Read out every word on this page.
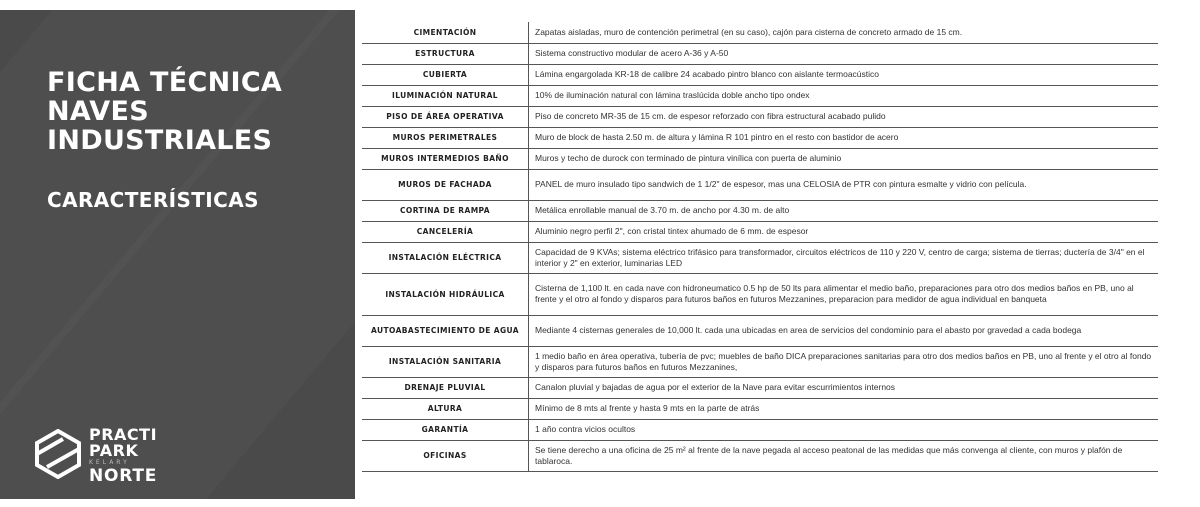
FICHA TÉCNICA
NAVES
INDUSTRIALES
CARACTERÍSTICAS
PRACTI
PARK
KELARY
NORTE
CIMENTACIÓN	Zapatas aisladas, muro de contención perimetral (en su caso), cajón para cisterna de concreto armado de 15 cm.
ESTRUCTURA	Sistema constructivo modular de acero A-36 y A-50
CUBIERTA	Lámina engargolada KR-18 de calibre 24 acabado pintro blanco con aislante termoacústico
ILUMINACIÓN NATURAL	10% de iluminación natural con lámina traslúcida doble ancho tipo ondex
PISO DE ÁREA OPERATIVA	Piso de concreto MR-35 de 15 cm. de espesor reforzado con fibra estructural acabado pulido
MUROS PERIMETRALES	Muro de block de hasta 2.50 m. de altura y lámina R 101 pintro en el resto con bastidor de acero
MUROS INTERMEDIOS BAÑO	Muros y techo de durock con terminado de pintura vinílica con puerta de aluminio
MUROS DE FACHADA	PANEL de muro insulado tipo sandwich de 1 1/2" de espesor, mas una CELOSIA de PTR con pintura esmalte y vidrio con película.
CORTINA DE RAMPA	Metálica enrollable manual de 3.70 m. de ancho por 4.30 m. de alto
CANCELERÍA	Aluminio negro perfil 2", con cristal tintex ahumado de 6 mm. de espesor
INSTALACIÓN ELÉCTRICA	Capacidad de 9 KVAs; sistema eléctrico trifásico para transformador, circuitos eléctricos de 110 y 220 V, centro de carga; sistema de tierras; ductería de 3/4" en el interior y 2" en exterior, luminarias LED
INSTALACIÓN HIDRÁULICA	Cisterna de 1,100 lt. en cada nave con hidroneumatico 0.5 hp de 50 lts para alimentar el medio baño, preparaciones para otro dos medios baños en PB, uno al frente y el otro al fondo y disparos para futuros baños en futuros Mezzanines, preparacion para medidor de agua individual en banqueta
AUTOABASTECIMIENTO DE AGUA	Mediante 4 cisternas generales de 10,000 lt. cada una ubicadas en area de servicios del condominio para el abasto por gravedad a cada bodega
INSTALACIÓN SANITARIA	1 medio baño en área operativa, tubería de pvc; muebles de baño DICA preparaciones sanitarias para otro dos medios baños en PB, uno al frente y el otro al fondo y disparos para futuros baños en futuros Mezzanines,
DRENAJE PLUVIAL	Canalon pluvial y bajadas de agua por el exterior de la Nave para evitar escurrimientos internos
ALTURA	Mínimo de 8 mts al frente y hasta 9 mts en la parte de atrás
GARANTÍA	1 año contra vicios ocultos
OFICINAS	Se tiene derecho a una oficina de 25 m² al frente de la nave pegada al acceso peatonal de las medidas que más convenga al cliente, con muros y plafón de tablaroca.
